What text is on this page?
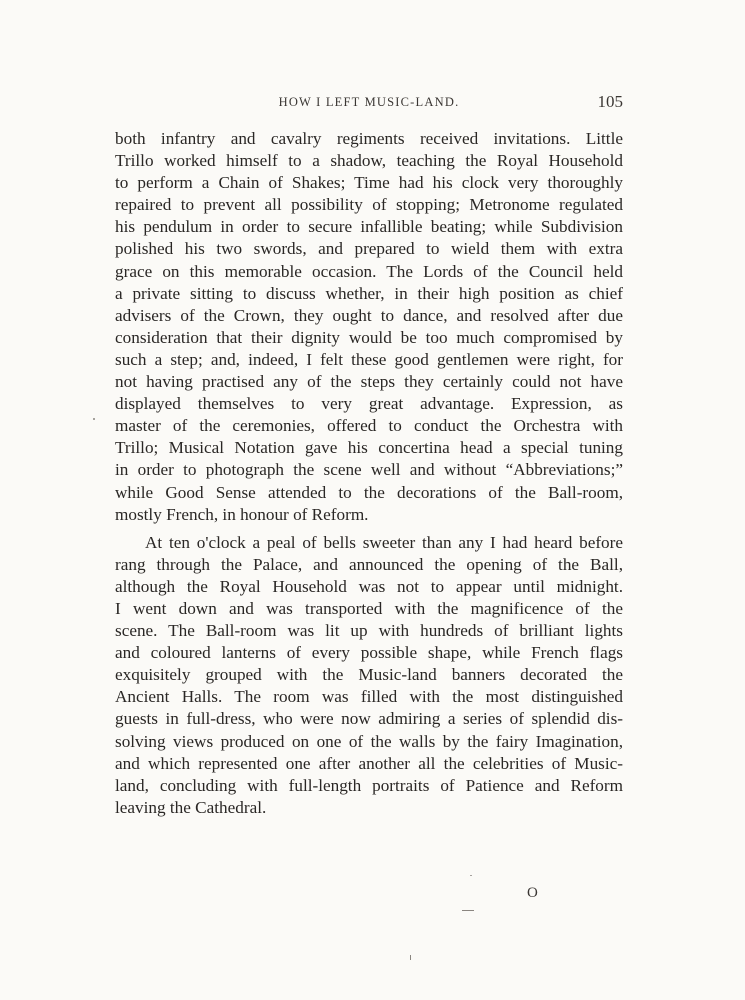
HOW I LEFT MUSIC-LAND.	105
both infantry and cavalry regiments received invitations. Little
Trillo worked himself to a shadow, teaching the Royal Household
to perform a Chain of Shakes; Time had his clock very thoroughly
repaired to prevent all possibility of stopping; Metronome regulated
his pendulum in order to secure infallible beating; while Subdivision
polished his two swords, and prepared to wield them with extra
grace on this memorable occasion. The Lords of the Council held
a private sitting to discuss whether, in their high position as chief
advisers of the Crown, they ought to dance, and resolved after due
consideration that their dignity would be too much compromised by
such a step; and, indeed, I felt these good gentlemen were right, for
not having practised any of the steps they certainly could not have
displayed themselves to very great advantage. Expression, as
master of the ceremonies, offered to conduct the Orchestra with
Trillo; Musical Notation gave his concertina head a special tuning
in order to photograph the scene well and without “Abbreviations;”
while Good Sense attended to the decorations of the Ball-room,
mostly French, in honour of Reform.
At ten o'clock a peal of bells sweeter than any I had heard before
rang through the Palace, and announced the opening of the Ball,
although the Royal Household was not to appear until midnight.
I went down and was transported with the magnificence of the
scene. The Ball-room was lit up with hundreds of brilliant lights
and coloured lanterns of every possible shape, while French flags
exquisitely grouped with the Music-land banners decorated the
Ancient Halls. The room was filled with the most distinguished
guests in full-dress, who were now admiring a series of splendid dis-
solving views produced on one of the walls by the fairy Imagination,
and which represented one after another all the celebrities of Music-
land, concluding with full-length portraits of Patience and Reform
leaving the Cathedral.
O
